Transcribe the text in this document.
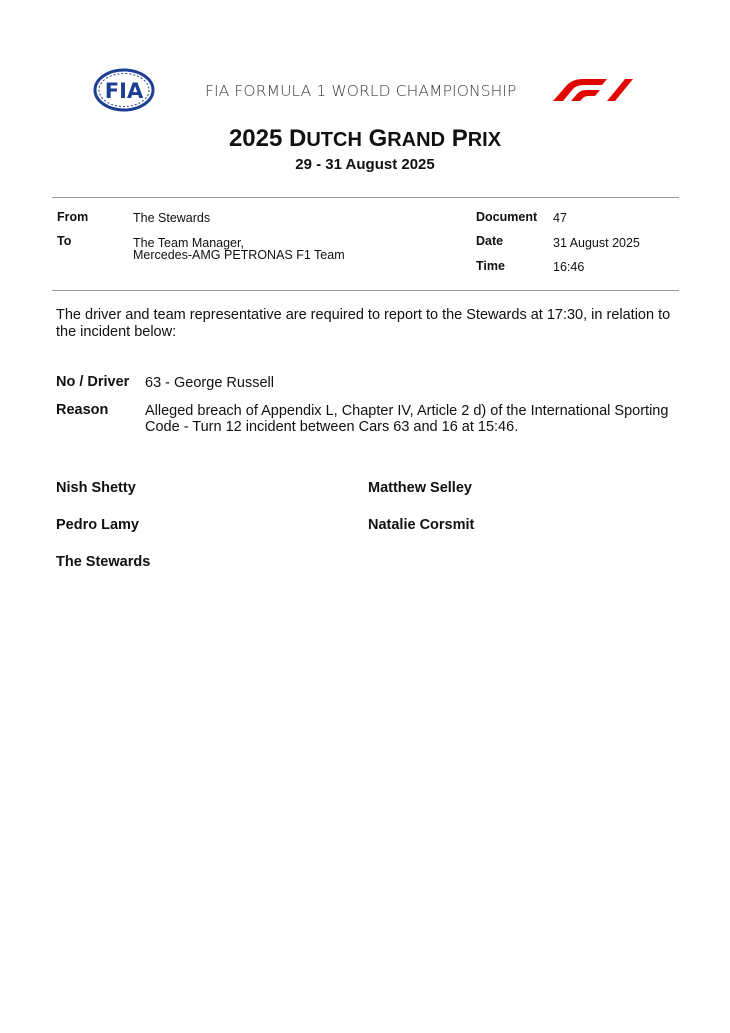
FIA	FIA FORMULA 1 WORLD CHAMPIONSHIP
F1
2025 DUTCH GRAND PRIX
29 - 31 August 2025
From	The Stewards
To	The Team Manager,
Mercedes-AMG PETRONAS F1 Team
Document 47
Date	31 August 2025
Time	16:46
The driver and team representative are required to report to the Stewards at 17:30, in relation to the incident below:
No / Driver 63 - George Russell
Reason	Alleged breach of Appendix L, Chapter IV, Article 2 d) of the International Sporting Code - Turn 12 incident between Cars 63 and 16 at 15:46.
Nish Shetty	Matthew Selley
Pedro Lamy	Natalie Corsmit
The Stewards
